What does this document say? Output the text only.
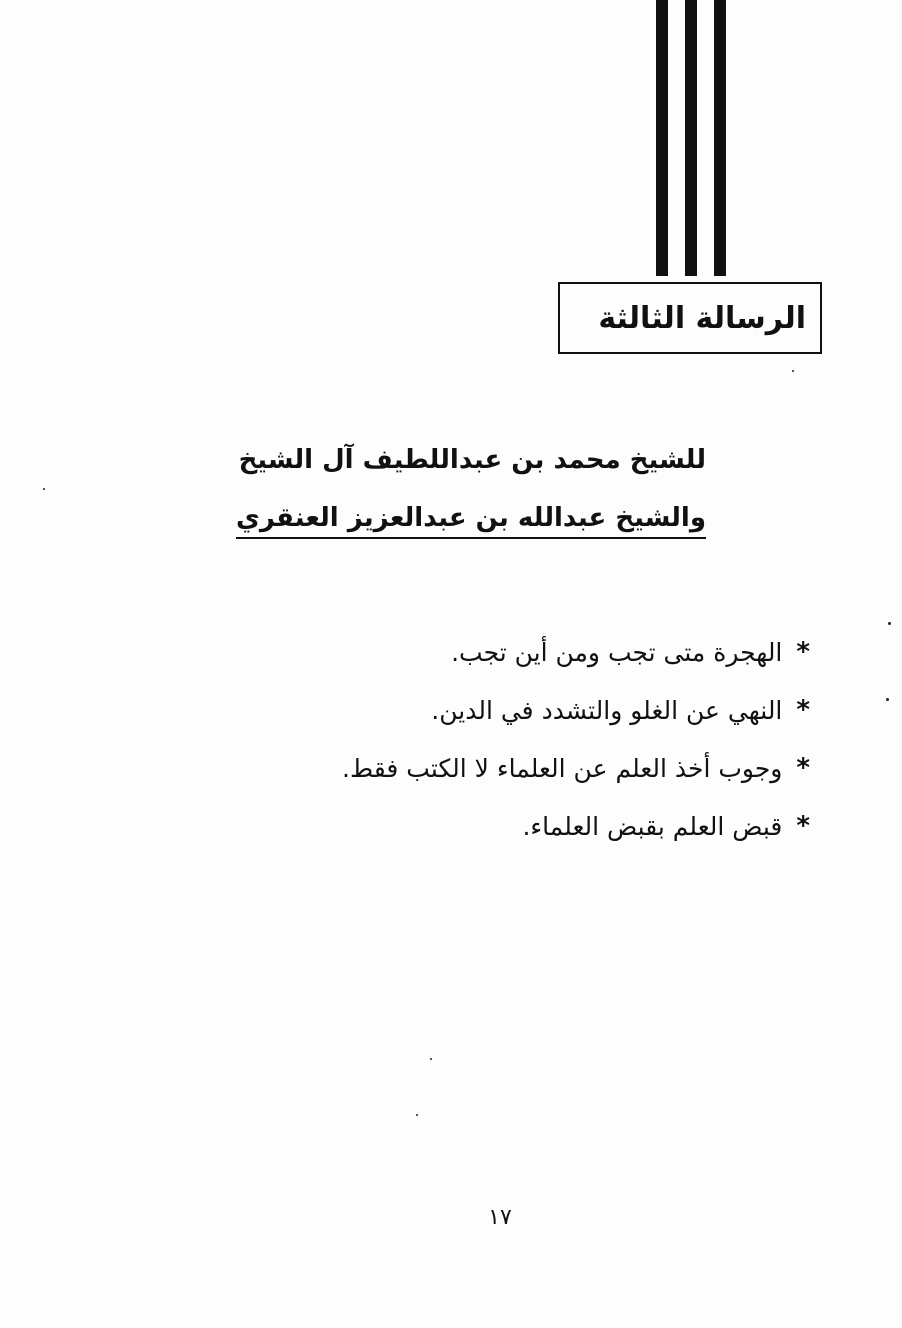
الرسالة الثالثة
للشيخ محمد بن عبداللطيف آل الشيخ
والشيخ عبدالله بن عبدالعزيز العنقري
*
الهجرة متى تجب ومن أين تجب.
*
النهي عن الغلو والتشدد في الدين.
*
وجوب أخذ العلم عن العلماء لا الكتب فقط.
*
قبض العلم بقبض العلماء.
١٧
